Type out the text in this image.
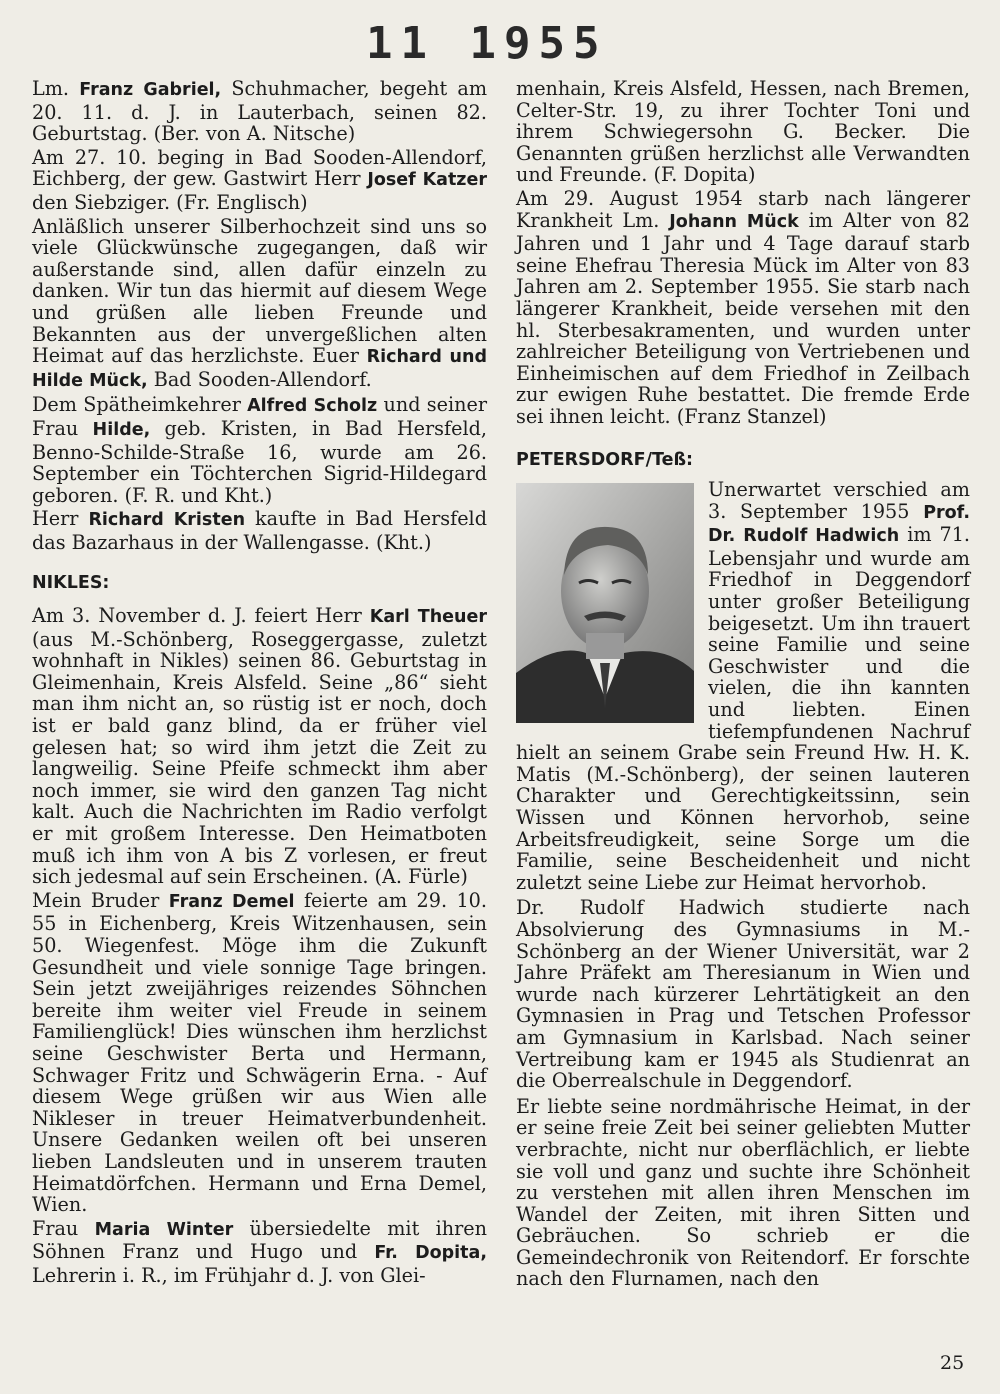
11 1955

Lm. Franz Gabriel, Schuhmacher, begeht am 20. 11. d. J. in Lauterbach, seinen 82. Geburtstag. (Ber. von A. Nitsche)

Am 27. 10. beging in Bad Sooden-Allendorf, Eichberg, der gew. Gastwirt Herr Josef Katzer den Siebziger. (Fr. Englisch)

Anläßlich unserer Silberhochzeit sind uns so viele Glückwünsche zugegangen, daß wir außerstande sind, allen dafür einzeln zu danken. Wir tun das hiermit auf diesem Wege und grüßen alle lieben Freunde und Bekannten aus der unvergeßlichen alten Heimat auf das herzlichste. Euer Richard und Hilde Mück, Bad Sooden-Allendorf.

Dem Spätheimkehrer Alfred Scholz und seiner Frau Hilde, geb. Kristen, in Bad Hersfeld, Benno-Schilde-Straße 16, wurde am 26. September ein Töchterchen Sigrid-Hildegard geboren. (F. R. und Kht.)

Herr Richard Kristen kaufte in Bad Hersfeld das Bazarhaus in der Wallengasse. (Kht.)

NIKLES:

Am 3. November d. J. feiert Herr Karl Theuer (aus M.-Schönberg, Roseggergasse, zuletzt wohnhaft in Nikles) seinen 86. Geburtstag in Gleimenhain, Kreis Alsfeld. Seine „86“ sieht man ihm nicht an, so rüstig ist er noch, doch ist er bald ganz blind, da er früher viel gelesen hat; so wird ihm jetzt die Zeit zu langweilig. Seine Pfeife schmeckt ihm aber noch immer, sie wird den ganzen Tag nicht kalt. Auch die Nachrichten im Radio verfolgt er mit großem Interesse. Den Heimatboten muß ich ihm von A bis Z vorlesen, er freut sich jedesmal auf sein Erscheinen. (A. Fürle)

Mein Bruder Franz Demel feierte am 29. 10. 55 in Eichenberg, Kreis Witzenhausen, sein 50. Wiegenfest. Möge ihm die Zukunft Gesundheit und viele sonnige Tage bringen. Sein jetzt zweijähriges reizendes Söhnchen bereite ihm weiter viel Freude in seinem Familienglück! Dies wünschen ihm herzlichst seine Geschwister Berta und Hermann, Schwager Fritz und Schwägerin Erna. - Auf diesem Wege grüßen wir aus Wien alle Nikleser in treuer Heimatverbundenheit. Unsere Gedanken weilen oft bei unseren lieben Landsleuten und in unserem trauten Heimatdörfchen. Hermann und Erna Demel, Wien.

Frau Maria Winter übersiedelte mit ihren Söhnen Franz und Hugo und Fr. Dopita, Lehrerin i. R., im Frühjahr d. J. von Glei-

menhain, Kreis Alsfeld, Hessen, nach Bremen, Celter-Str. 19, zu ihrer Tochter Toni und ihrem Schwiegersohn G. Becker. Die Genannten grüßen herzlichst alle Verwandten und Freunde. (F. Dopita)

Am 29. August 1954 starb nach längerer Krankheit Lm. Johann Mück im Alter von 82 Jahren und 1 Jahr und 4 Tage darauf starb seine Ehefrau Theresia Mück im Alter von 83 Jahren am 2. September 1955. Sie starb nach längerer Krankheit, beide versehen mit den hl. Sterbesakramenten, und wurden unter zahlreicher Beteiligung von Vertriebenen und Einheimischen auf dem Friedhof in Zeilbach zur ewigen Ruhe bestattet. Die fremde Erde sei ihnen leicht. (Franz Stanzel)

PETERSDORF/Teß:

Unerwartet verschied am 3. September 1955 Prof. Dr. Rudolf Hadwich im 71. Lebensjahr und wurde am Friedhof in Deggendorf unter großer Beteiligung beigesetzt. Um ihn trauert seine Familie und seine Geschwister und die vielen, die ihn kannten und liebten. Einen tiefempfundenen Nachruf hielt an seinem Grabe sein Freund Hw. H. K. Matis (M.-Schönberg), der seinen lauteren Charakter und Gerechtigkeitssinn, sein Wissen und Können hervorhob, seine Arbeitsfreudigkeit, seine Sorge um die Familie, seine Bescheidenheit und nicht zuletzt seine Liebe zur Heimat hervorhob.

Dr. Rudolf Hadwich studierte nach Absolvierung des Gymnasiums in M.-Schönberg an der Wiener Universität, war 2 Jahre Präfekt am Theresianum in Wien und wurde nach kürzerer Lehrtätigkeit an den Gymnasien in Prag und Tetschen Professor am Gymnasium in Karlsbad. Nach seiner Vertreibung kam er 1945 als Studienrat an die Oberrealschule in Deggendorf.

Er liebte seine nordmährische Heimat, in der er seine freie Zeit bei seiner geliebten Mutter verbrachte, nicht nur oberflächlich, er liebte sie voll und ganz und suchte ihre Schönheit zu verstehen mit allen ihren Menschen im Wandel der Zeiten, mit ihren Sitten und Gebräuchen. So schrieb er die Gemeindechronik von Reitendorf. Er forschte nach den Flurnamen, nach den

25
